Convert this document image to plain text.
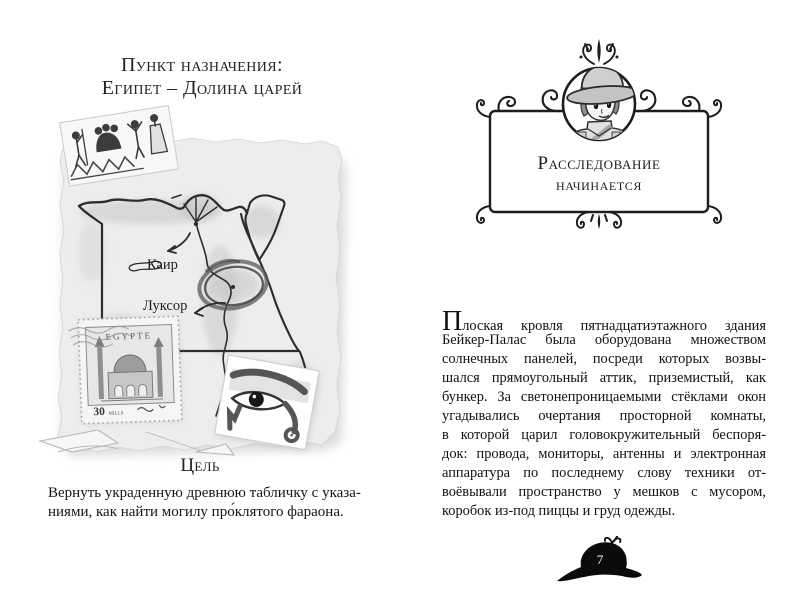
Пункт назначения:
Египет – Долина царей
Каир
Луксор
EGYPTE
30 MILLS
Цель
Вернуть украденную древнюю табличку с указа-
ниями, как найти могилу про́клятого фараона.
Расследование
начинается
Плоская кровля пятнадцатиэтажного здания
Бейкер-Палас была оборудована множеством
солнечных панелей, посреди которых возвы-
шался прямоугольный аттик, приземистый, как
бункер. За светонепроницаемыми стёклами окон
угадывались очертания просторной комнаты,
в которой царил головокружительный беспоря-
док: провода, мониторы, антенны и электронная
аппаратура по последнему слову техники от-
воёвывали пространство у мешков с мусором,
коробок из-под пиццы и груд одежды.
7
